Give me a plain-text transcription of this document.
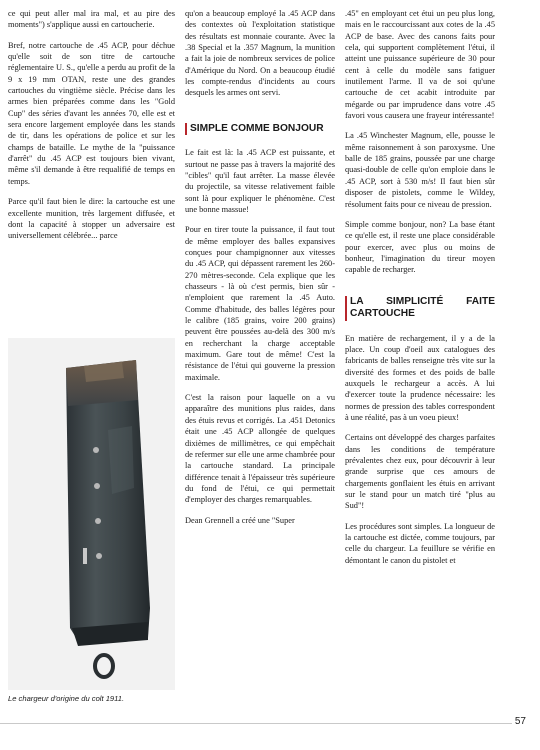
ce qui peut aller mal ira mal, et au pire des moments") s'applique aussi en cartoucherie.

Bref, notre cartouche de .45 ACP, pour déchue qu'elle soit de son titre de cartouche réglementaire U. S., qu'elle a perdu au profit de la 9 x 19 mm OTAN, reste une des grandes cartouches du vingtième siècle. Précise dans les armes bien préparées comme dans les "Gold Cup" des séries d'avant les années 70, elle est et sera encore largement employée dans les stands de tir, dans les opérations de police et sur les champs de bataille. Le mythe de la "puissance d'arrêt" du .45 ACP est toujours bien vivant, même s'il demande à être requalifié de temps en temps.

Parce qu'il faut bien le dire: la cartouche est une excellente munition, très largement diffusée, et dont la capacité à stopper un adversaire est universellement célébrée... parce

Le chargeur d'origine du colt 1911.

qu'on a beaucoup employé la .45 ACP dans des contextes où l'exploitation statistique des résultats est monnaie courante. Avec la .38 Special et la .357 Magnum, la munition a fait la joie de nombreux services de police d'Amérique du Nord. On a beaucoup étudié les compte-rendus d'incidents au cours desquels les armes ont servi.

SIMPLE COMME BONJOUR

Le fait est là: la .45 ACP est puissante, et surtout ne passe pas à travers la majorité des "cibles" qu'il faut arrêter. La masse élevée du projectile, sa vitesse relativement faible sont là pour expliquer le phénomène. C'est une bonne massue!

Pour en tirer toute la puissance, il faut tout de même employer des balles expansives conçues pour champignonner aux vitesses du .45 ACP, qui dépassent rarement les 260-270 mètres-seconde. Cela explique que les chasseurs - là où c'est permis, bien sûr - n'emploient que rarement la .45 Auto. Comme d'habitude, des balles légères pour le calibre (185 grains, voire 200 grains) peuvent être poussées au-delà des 300 m/s en recherchant la charge acceptable maximum. Gare tout de même! C'est la résistance de l'étui qui gouverne la pression maximale.

C'est la raison pour laquelle on a vu apparaître des munitions plus raides, dans des étuis revus et corrigés. La .451 Detonics était une .45 ACP allongée de quelques dixièmes de millimètres, ce qui empêchait de refermer sur elle une arme chambrée pour la cartouche standard. La principale différence tenait à l'épaisseur très supérieure du fond de l'étui, ce qui permettait d'employer des charges remarquables.

Dean Grennell a créé une "Super

.45" en employant cet étui un peu plus long, mais en le raccourcissant aux cotes de la .45 ACP de base. Avec des canons faits pour cela, qui supportent complètement l'étui, il atteint une puissance supérieure de 30 pour cent à celle du modèle sans fatiguer inutilement l'arme. Il va de soi qu'une cartouche de cet acabit introduite par mégarde ou par imprudence dans votre .45 favori vous causera une frayeur intéressante!

La .45 Winchester Magnum, elle, pousse le même raisonnement à son paroxysme. Une balle de 185 grains, poussée par une charge quasi-double de celle qu'on emploie dans le .45 ACP, sort à 530 m/s! Il faut bien sûr disposer de pistolets, comme le Wildey, résolument faits pour ce niveau de pression.

Simple comme bonjour, non? La base étant ce qu'elle est, il reste une place considérable pour exercer, avec plus ou moins de bonheur, l'imagination du tireur moyen capable de recharger.

LA SIMPLICITÉ FAITE CARTOUCHE

En matière de rechargement, il y a de la place. Un coup d'oeil aux catalogues des fabricants de balles renseigne très vite sur la diversité des formes et des poids de balle auxquels le rechargeur a accès. A lui d'exercer toute la prudence nécessaire: les normes de pression des tables correspondent à une réalité, pas à un voeu pieux!

Certains ont développé des charges parfaites dans les conditions de température prévalentes chez eux, pour découvrir à leur grande surprise que ces amours de chargements gonflaient les étuis en arrivant sur le stand pour un match tiré "plus au Sud"!

Les procédures sont simples. La longueur de la cartouche est dictée, comme toujours, par celle du chargeur. La feuillure se vérifie en démontant le canon du pistolet et

57
